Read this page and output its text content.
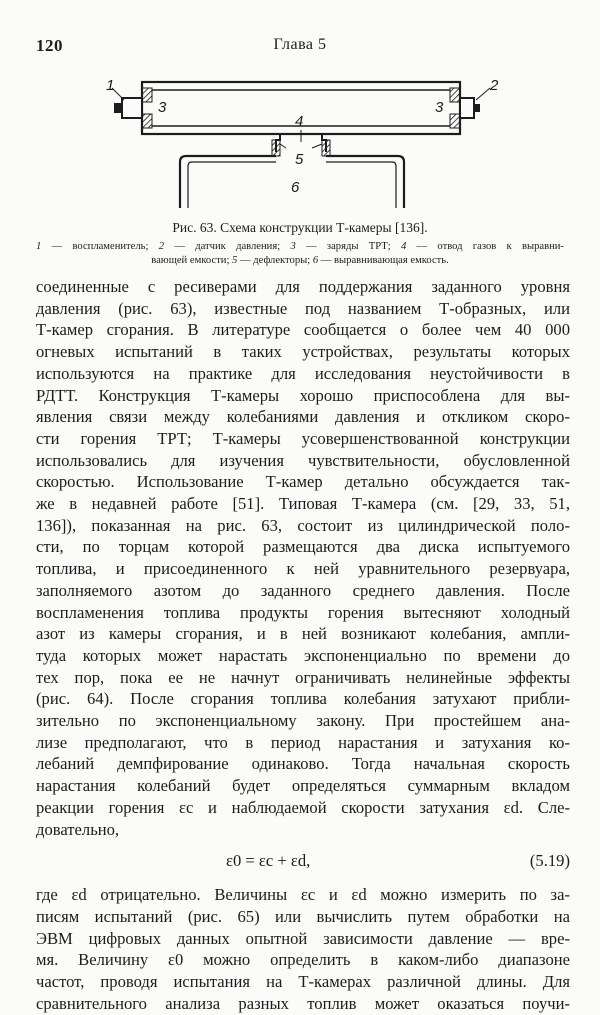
120	Глава 5
1	2
3	3
4
5
6
Рис. 63. Схема конструкции Т-камеры [136].
1 — воспламенитель; 2 — датчик давления; 3 — заряды ТРТ; 4 — отвод газов к выравни-
вающей емкости; 5 — дефлекторы; 6 — выравнивающая емкость.
соединенные с ресиверами для поддержания заданного уровня
давления (рис. 63), известные под названием Т-образных, или
Т-камер сгорания. В литературе сообщается о более чем 40 000
огневых испытаний в таких устройствах, результаты которых
используются на практике для исследования неустойчивости в
РДТТ. Конструкция Т-камеры хорошо приспособлена для вы-
явления связи между колебаниями давления и откликом скоро-
сти горения ТРТ; Т-камеры усовершенствованной конструкции
использовались для изучения чувствительности, обусловленной
скоростью. Использование Т-камер детально обсуждается так-
же в недавней работе [51]. Типовая Т-камера (см. [29, 33, 51,
136]), показанная на рис. 63, состоит из цилиндрической поло-
сти, по торцам которой размещаются два диска испытуемого
топлива, и присоединенного к ней уравнительного резервуара,
заполняемого азотом до заданного среднего давления. После
воспламенения топлива продукты горения вытесняют холодный
азот из камеры сгорания, и в ней возникают колебания, ампли-
туда которых может нарастать экспоненциально по времени до
тех пор, пока ее не начнут ограничивать нелинейные эффекты
(рис. 64). После сгорания топлива колебания затухают прибли-
зительно по экспоненциальному закону. При простейшем ана-
лизе предполагают, что в период нарастания и затухания ко-
лебаний демпфирование одинаково. Тогда начальная скорость
нарастания колебаний будет определяться суммарным вкладом
реакции горения εc и наблюдаемой скорости затухания εd. Сле-
довательно,
ε0 = εc + εd,	(5.19)
где εd отрицательно. Величины εc и εd можно измерить по за-
писям испытаний (рис. 65) или вычислить путем обработки на
ЭВМ цифровых данных опытной зависимости давление — вре-
мя. Величину ε0 можно определить в каком-либо диапазоне
частот, проводя испытания на Т-камерах различной длины. Для
сравнительного анализа разных топлив может оказаться поучи-
